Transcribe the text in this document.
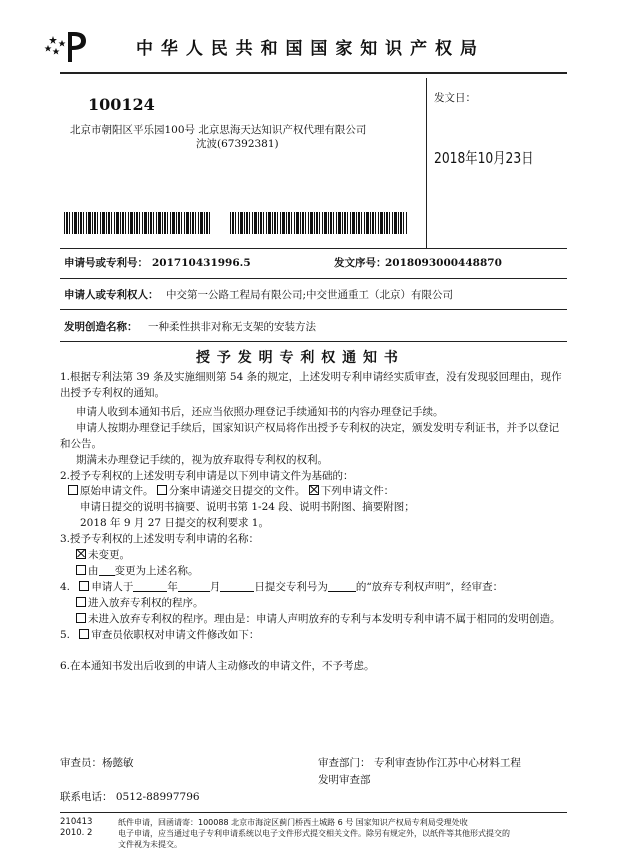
中 华 人 民 共 和 国 国 家 知 识 产 权 局
100124
北京市朝阳区平乐园100号 北京思海天达知识产权代理有限公司
沈波(67392381)
发文日：
2018年10月23日
申请号或专利号： 201710431996.5	发文序号：
2018093000448870
申请人或专利权人： 中交第一公路工程局有限公司;中交世通重工（北京）有限公司
发明创造名称： 一种柔性拱非对称无支架的安装方法
授 予 发 明 专 利 权 通 知 书
1.根据专利法第 39 条及实施细则第 54 条的规定，上述发明专利申请经实质审查，没有发现驳回理由，现作
出授予专利权的通知。
申请人收到本通知书后，还应当依照办理登记手续通知书的内容办理登记手续。
申请人按期办理登记手续后，国家知识产权局将作出授予专利权的决定，颁发发明专利证书，并予以登记
和公告。
期满未办理登记手续的，视为放弃取得专利权的权利。
2.授予专利权的上述发明专利申请是以下列申请文件为基础的：
原始申请文件。 分案申请递交日提交的文件。 下列申请文件：
申请日提交的说明书摘要、说明书第 1-24 段、说明书附图、摘要附图；
2018 年 9 月 27 日提交的权利要求 1。
3.授予专利权的上述发明专利申请的名称：
未变更。
由 变更为上述名称。
4. 申请人于	年	月	日提交专利号为	的“放弃专利权声明”，经审查：
进入放弃专利权的程序。
未进入放弃专利权的程序。理由是：申请人声明放弃的专利与本发明专利申请不属于相同的发明创造。
5. 审查员依职权对申请文件修改如下：
6.在本通知书发出后收到的申请人主动修改的申请文件，不予考虑。
审查员：杨懿敏	审查部门： 专利审查协作江苏中心材料工程
发明审查部
联系电话： 0512-88997796
210413
2010. 2
纸件申请，回函请寄：100088 北京市海淀区蓟门桥西土城路 6 号 国家知识产权局专利局受理处收
电子申请，应当通过电子专利申请系统以电子文件形式提交相关文件。除另有规定外，以纸件等其他形式提交的
文件视为未提交。
